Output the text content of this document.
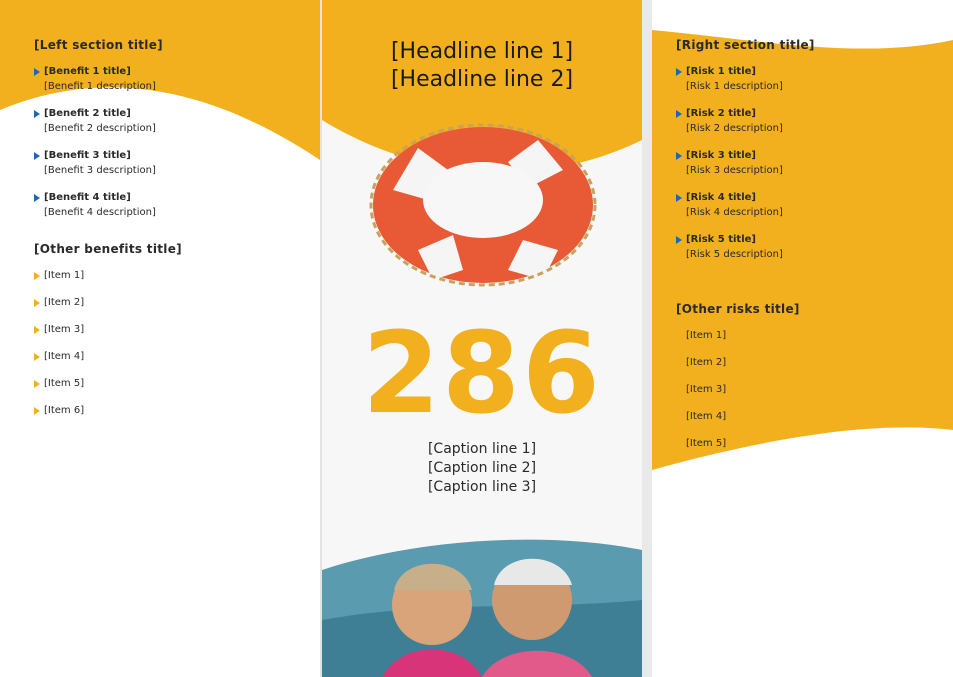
[Left section title]
[Benefit 1 title]
[Benefit 1 description]
[Benefit 2 title]
[Benefit 2 description]
[Benefit 3 title]
[Benefit 3 description]
[Benefit 4 title]
[Benefit 4 description]
[Other benefits title]
[Item 1]
[Item 2]
[Item 3]
[Item 4]
[Item 5]
[Item 6]
[Headline line 1]
[Headline line 2]
286
[Caption line 1]
[Caption line 2]
[Caption line 3]
[Right section title]
[Risk 1 title]
[Risk 1 description]
[Risk 2 title]
[Risk 2 description]
[Risk 3 title]
[Risk 3 description]
[Risk 4 title]
[Risk 4 description]
[Risk 5 title]
[Risk 5 description]
[Other risks title]
[Item 1]
[Item 2]
[Item 3]
[Item 4]
[Item 5]
